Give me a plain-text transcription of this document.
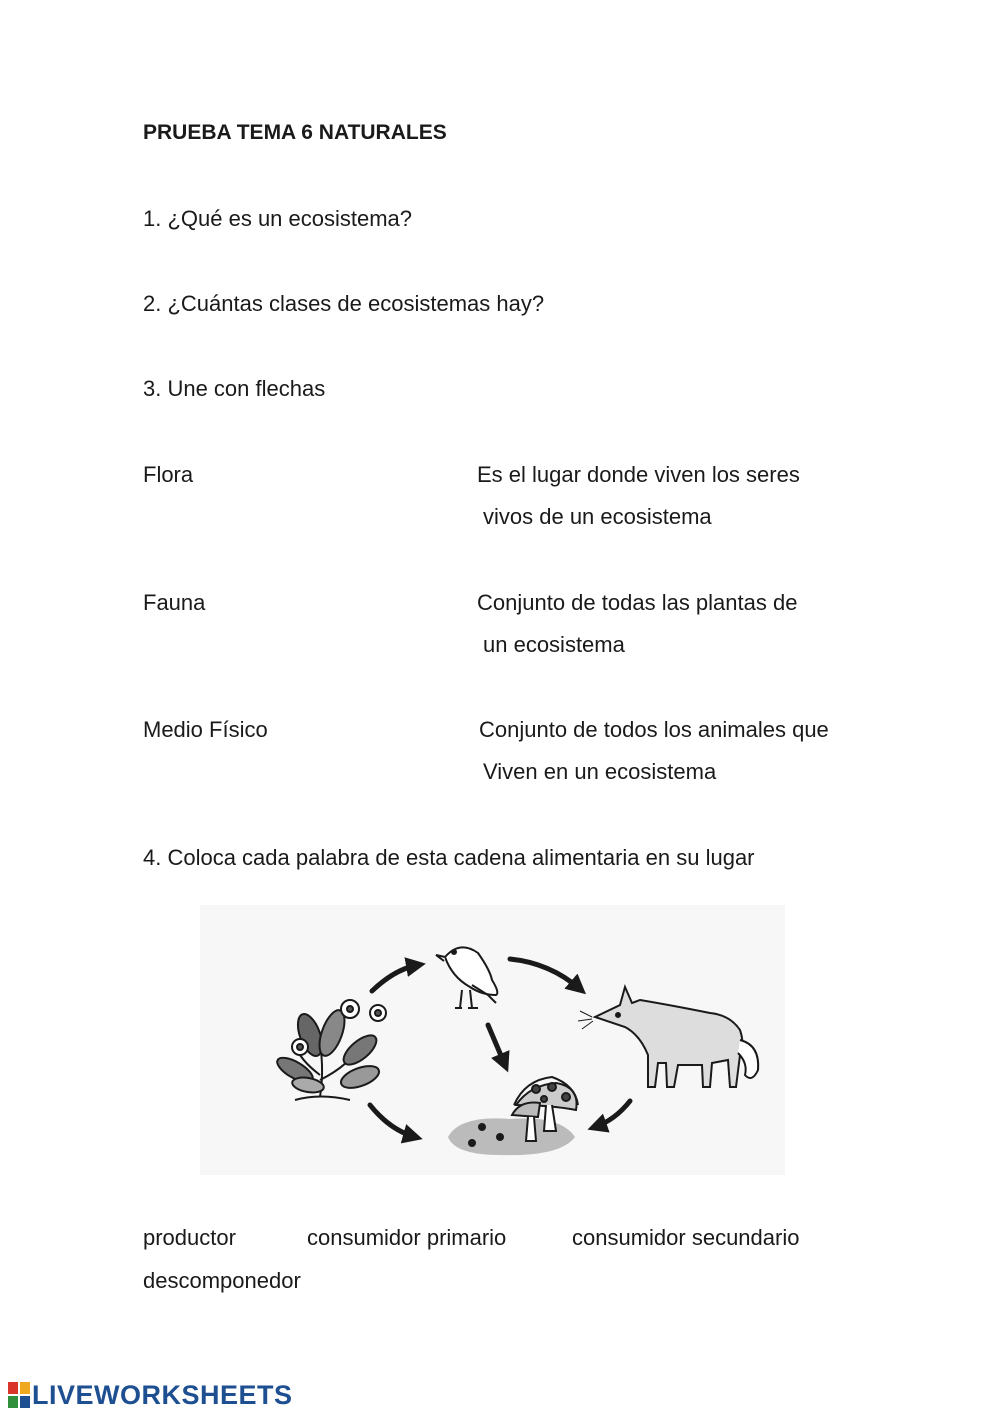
PRUEBA TEMA 6 NATURALES
1. ¿Qué es un ecosistema?
2. ¿Cuántas clases de ecosistemas hay?
3. Une con flechas
Flora	Es el lugar donde viven los seres
vivos de un ecosistema
Fauna	Conjunto de todas las plantas de
un ecosistema
Medio Físico	Conjunto de todos los animales que
Viven en un ecosistema
4. Coloca cada palabra de esta cadena alimentaria en su lugar
productor	consumidor primario	consumidor secundario
descomponedor
LIVEWORKSHEETS
